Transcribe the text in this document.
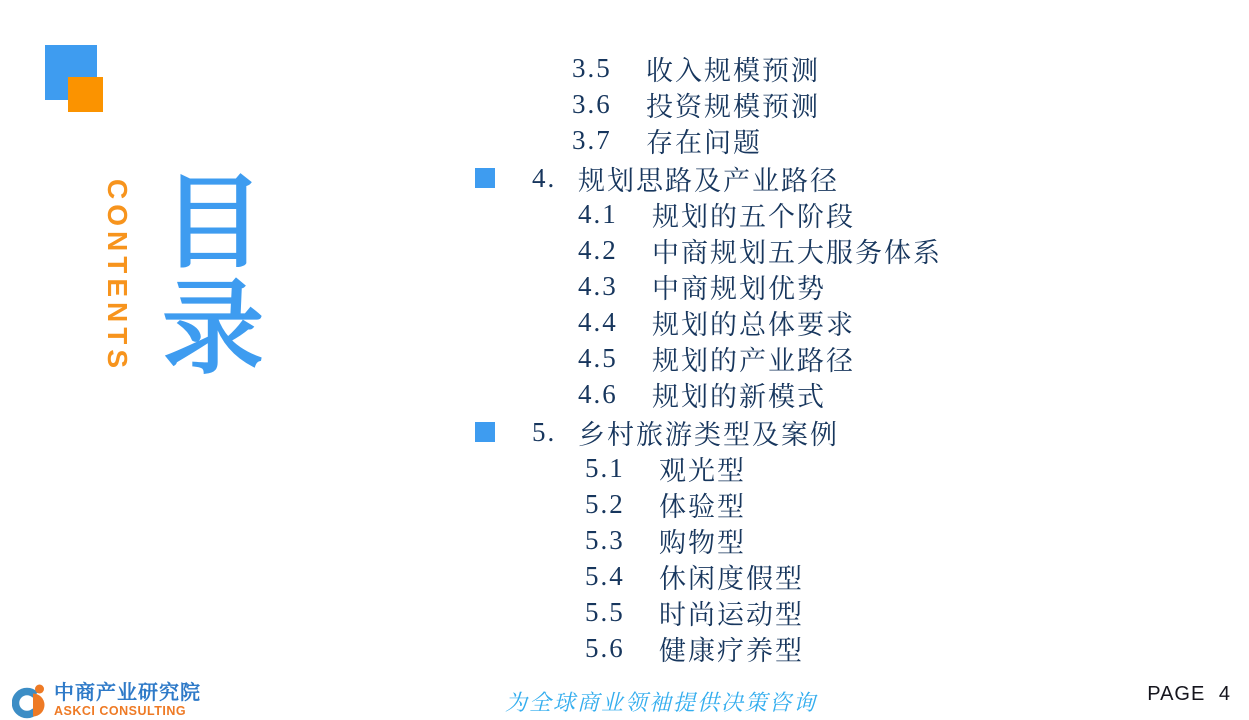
CONTENTS 目录
3.5	收入规模预测
3.6	投资规模预测
3.7	存在问题
4. 规划思路及产业路径
4.1	规划的五个阶段
4.2	中商规划五大服务体系
4.3	中商规划优势
4.4	规划的总体要求
4.5	规划的产业路径
4.6	规划的新模式
5. 乡村旅游类型及案例
5.1	观光型
5.2	体验型
5.3	购物型
5.4	休闲度假型
5.5	时尚运动型
5.6	健康疗养型
中商产业研究院
ASKCI CONSULTING	为全球商业领袖提供决策咨询	PAGE 4
